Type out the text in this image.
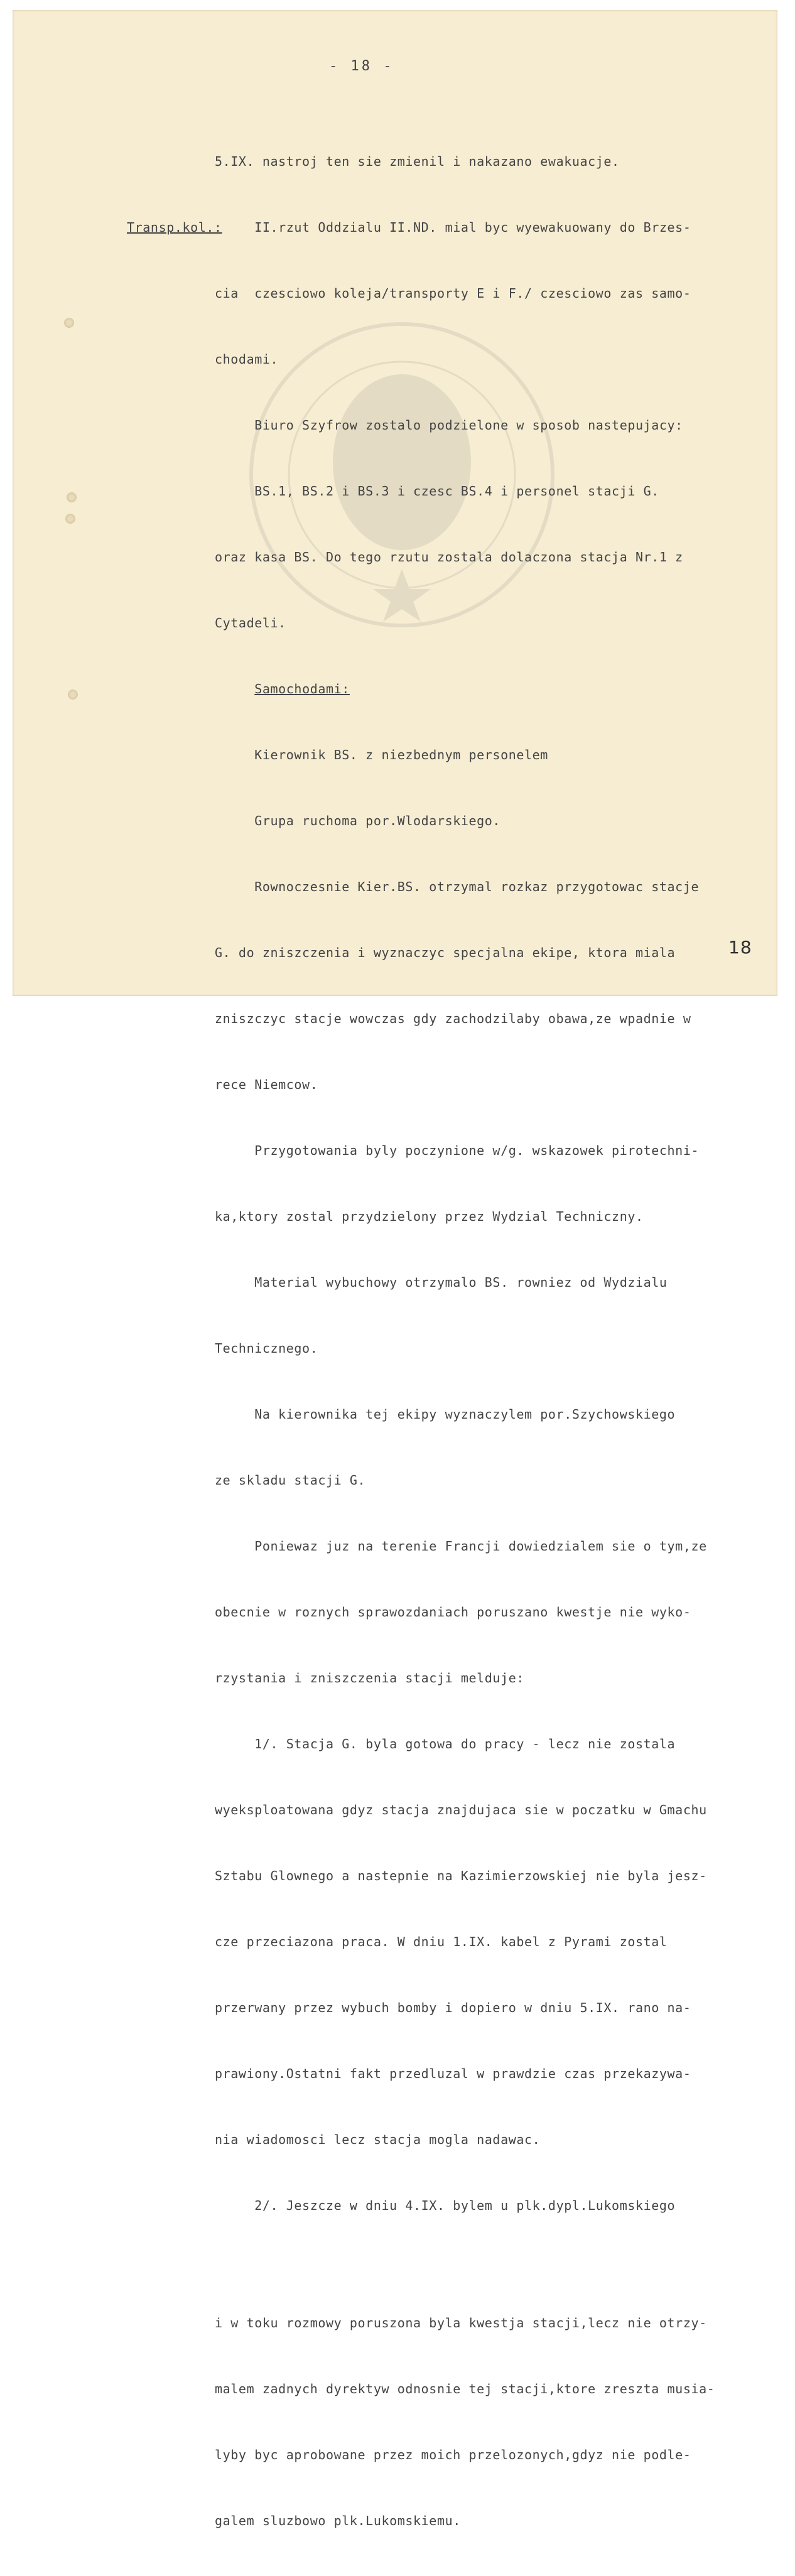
- 18 -
Transp.kol.:

5.IX. nastroj ten sie zmienil i nakazano ewakuacje.

II.rzut Oddzialu II.ND. mial byc wyewakuowany do Brzes-

cia  czesciowo koleja/transporty E i F./ czesciowo zas samo-

chodami.

Biuro Szyfrow zostalo podzielone w sposob nastepujacy:

BS.1, BS.2 i BS.3 i czesc BS.4 i personel stacji G.

oraz kasa BS. Do tego rzutu zostala dolaczona stacja Nr.1 z

Cytadeli.

Samochodami:

Kierownik BS. z niezbednym personelem

Grupa ruchoma por.Wlodarskiego.

Rownoczesnie Kier.BS. otrzymal rozkaz przygotowac stacje

G. do zniszczenia i wyznaczyc specjalna ekipe, ktora miala

zniszczyc stacje wowczas gdy zachodzilaby obawa,ze wpadnie w

rece Niemcow.

Przygotowania byly poczynione w/g. wskazowek pirotechni-

ka,ktory zostal przydzielony przez Wydzial Techniczny.

Material wybuchowy otrzymalo BS. rowniez od Wydzialu

Technicznego.

Na kierownika tej ekipy wyznaczylem por.Szychowskiego

ze skladu stacji G.

Poniewaz juz na terenie Francji dowiedzialem sie o tym,ze

obecnie w roznych sprawozdaniach poruszano kwestje nie wyko-

rzystania i zniszczenia stacji melduje:

1/. Stacja G. byla gotowa do pracy - lecz nie zostala

wyeksploatowana gdyz stacja znajdujaca sie w poczatku w Gmachu

Sztabu Glownego a nastepnie na Kazimierzowskiej nie byla jesz-

cze przeciazona praca. W dniu 1.IX. kabel z Pyrami zostal

przerwany przez wybuch bomby i dopiero w dniu 5.IX. rano na-

prawiony.Ostatni fakt przedluzal w prawdzie czas przekazywa-

nia wiadomosci lecz stacja mogla nadawac.

2/. Jeszcze w dniu 4.IX. bylem u plk.dypl.Lukomskiego

i w toku rozmowy poruszona byla kwestja stacji,lecz nie otrzy-

malem zadnych dyrektyw odnosnie tej stacji,ktore zreszta musia-

lyby byc aprobowane przez moich przelozonych,gdyz nie podle-

galem sluzbowo plk.Lukomskiemu.

18
